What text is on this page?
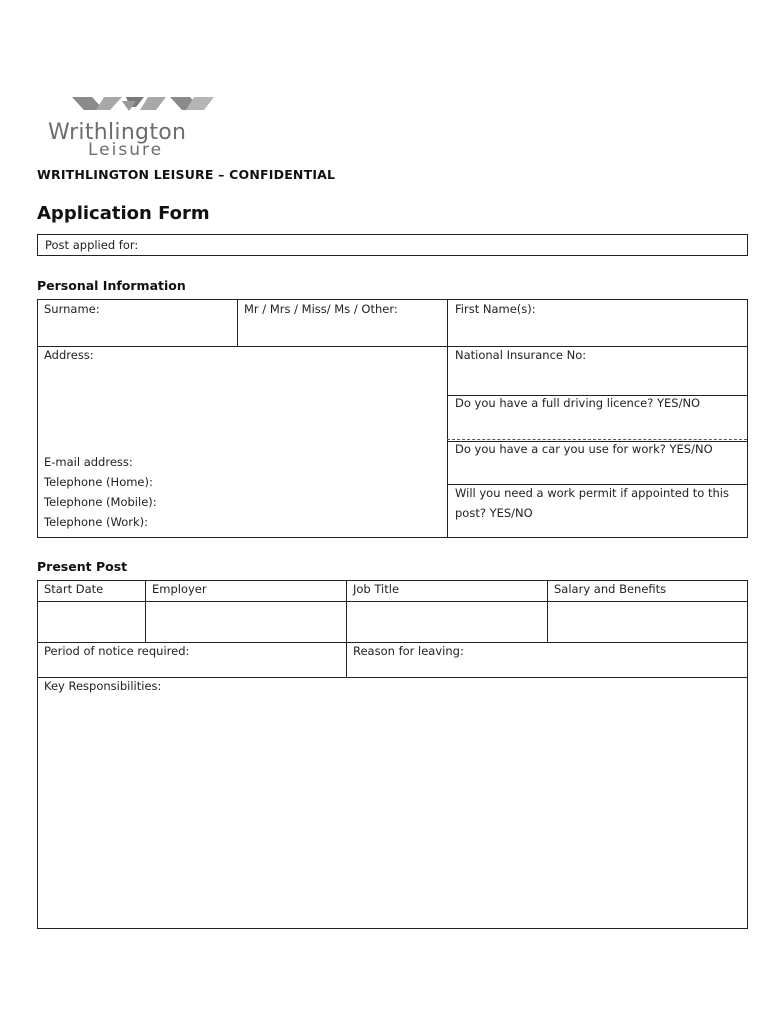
Writhlington
Leisure
WRITHLINGTON LEISURE – CONFIDENTIAL
Application Form
Post applied for:
Personal Information
Surname:	Mr / Mrs / Miss/ Ms / Other:	First Name(s):
Address:
E-mail address:
Telephone (Home):
Telephone (Mobile):
Telephone (Work):
National Insurance No:
Do you have a full driving licence? YES/NO
Do you have a car you use for work? YES/NO
Will you need a work permit if appointed to this
post? YES/NO
Present Post
Start Date	Employer	Job Title	Salary and Benefits
Period of notice required:	Reason for leaving:
Key Responsibilities:
